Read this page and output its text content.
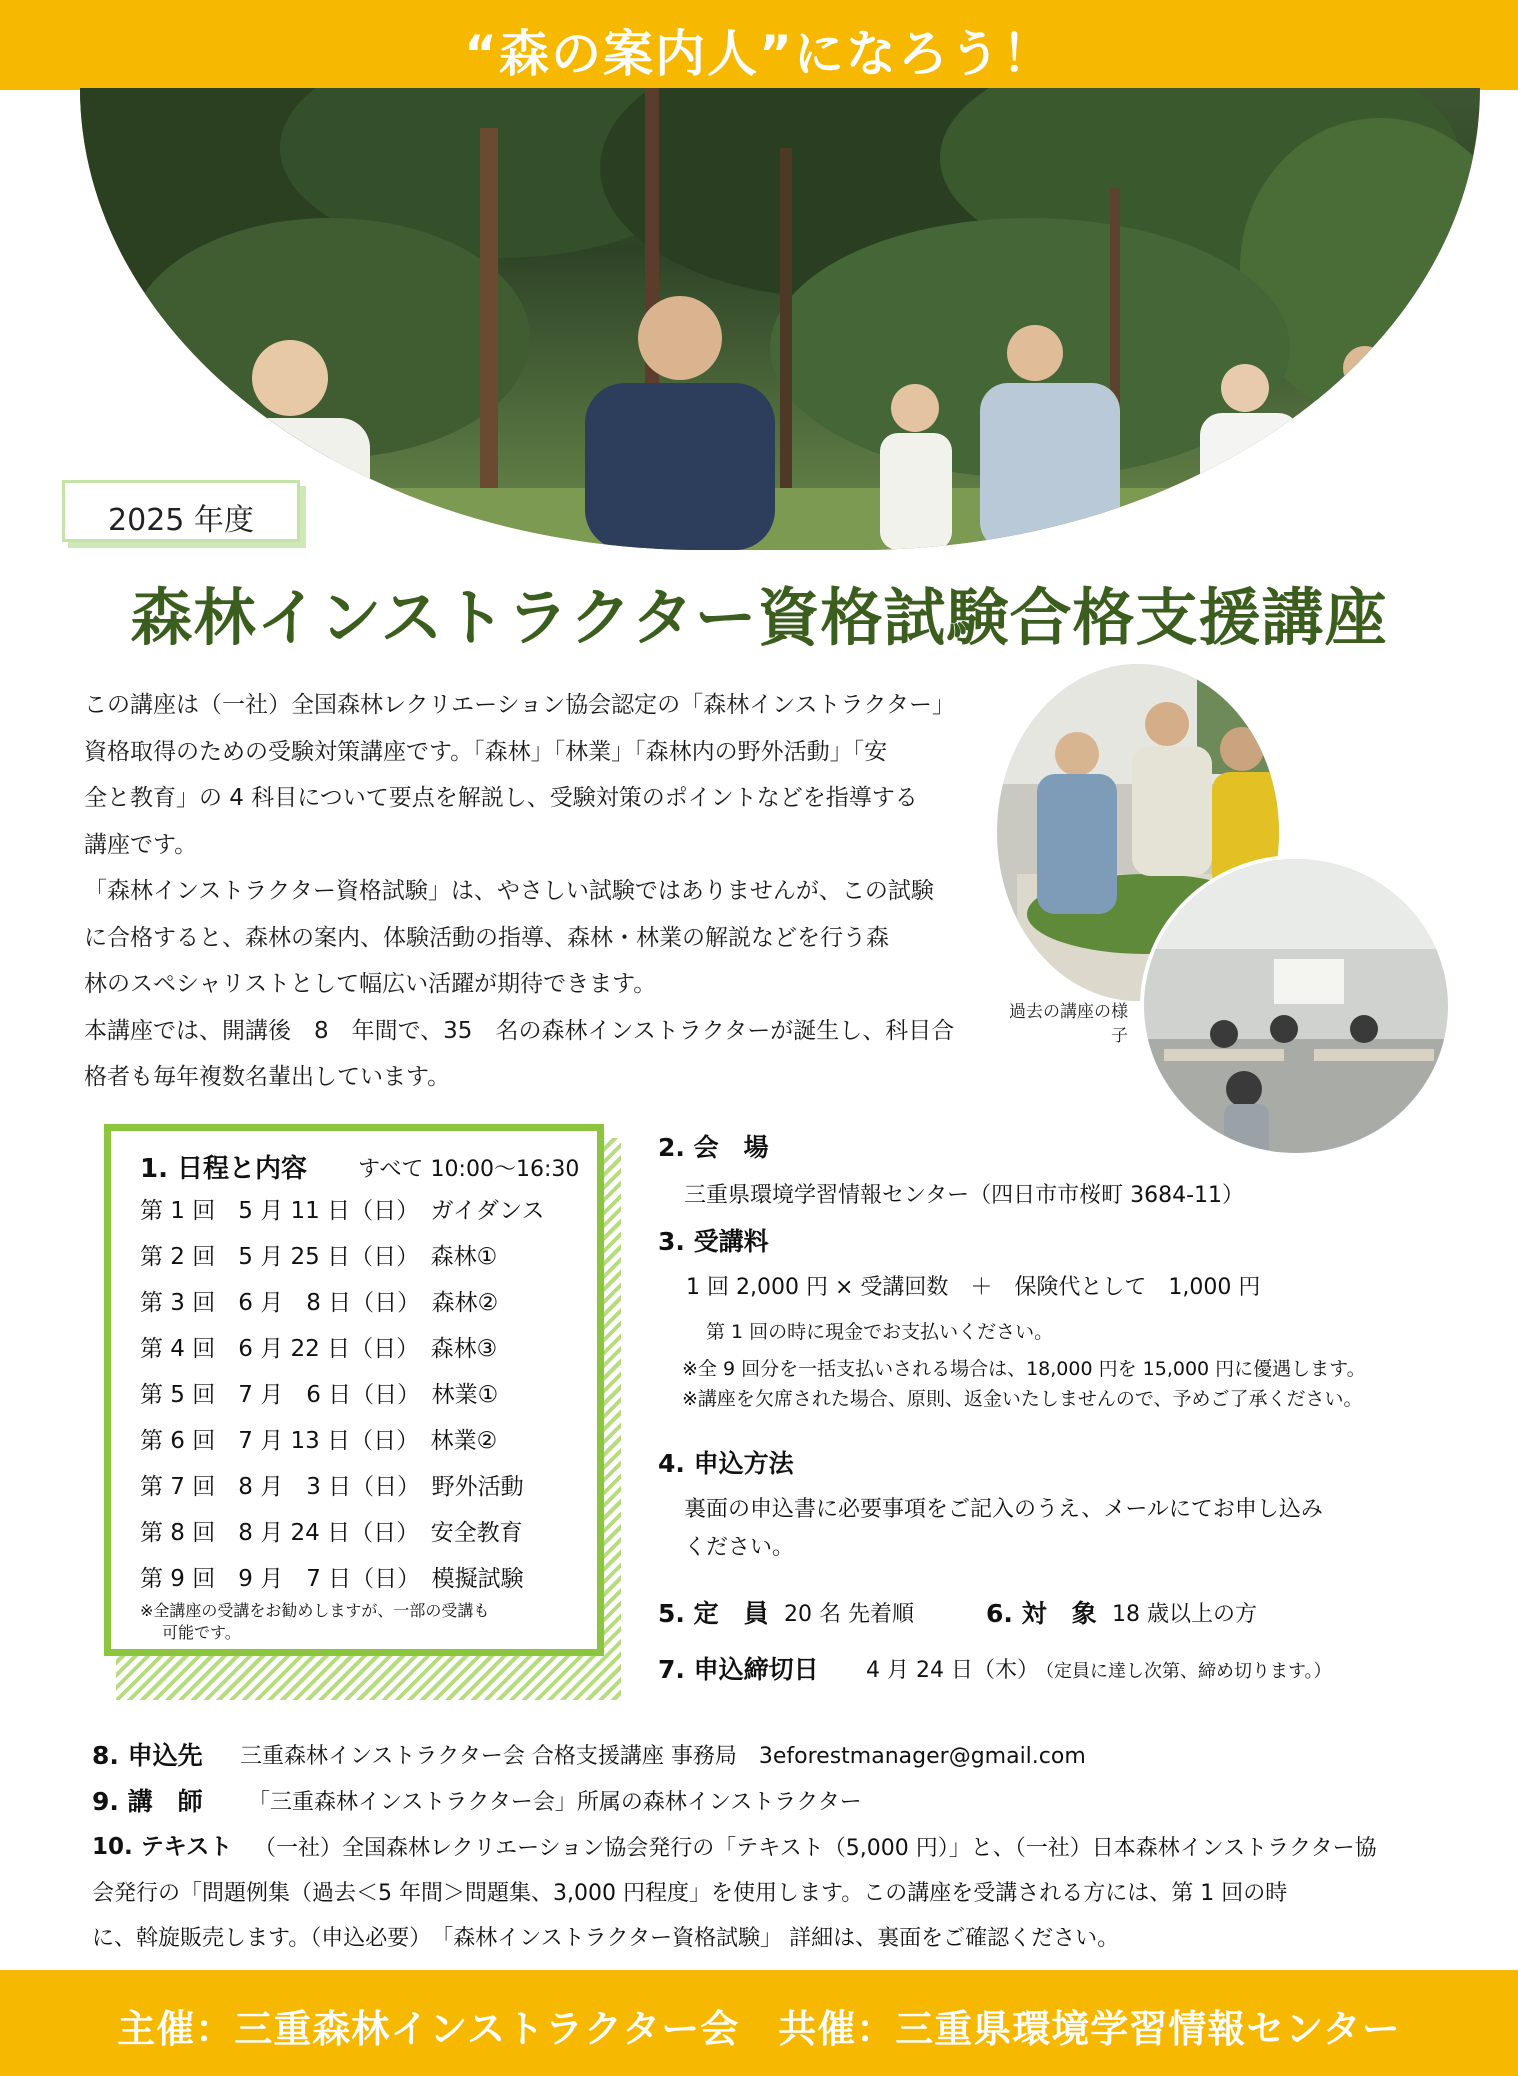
“森の案内人”になろう！
2025 年度
森林インストラクター資格試験合格支援講座

この講座は（一社）全国森林レクリエーション協会認定の「森林インストラクター」

資格取得のための受験対策講座です。「森林」「林業」「森林内の野外活動」「安

全と教育」の 4 科目について要点を解説し、受験対策のポイントなどを指導する

講座です。

「森林インストラクター資格試験」は、やさしい試験ではありませんが、この試験

に合格すると、森林の案内、体験活動の指導、森林・林業の解説などを行う森

林のスペシャリストとして幅広い活躍が期待できます。

本講座では、開講後　8　年間で、35　名の森林インストラクターが誕生し、科目合

格者も毎年複数名輩出しています。

過去の講座の様子
1. 日程と内容 すべて 10:00～16:30
第 1 回　5 月 11 日（日）　ガイダンス
第 2 回　5 月 25 日（日）　森林①
第 3 回　6 月　8 日（日）　森林②
第 4 回　6 月 22 日（日）　森林③
第 5 回　7 月　6 日（日）　林業①
第 6 回　7 月 13 日（日）　林業②
第 7 回　8 月　3 日（日）　野外活動
第 8 回　8 月 24 日（日）　安全教育
第 9 回　9 月　7 日（日）　模擬試験
※全講座の受講をお勧めしますが、一部の受講も
可能です。
2. 会　場
三重県環境学習情報センター（四日市市桜町 3684-11）
3. 受講料
1 回 2,000 円 × 受講回数　＋　保険代として　1,000 円
第 1 回の時に現金でお支払いください。
※全 9 回分を一括支払いされる場合は、18,000 円を 15,000 円に優遇します。
※講座を欠席された場合、原則、返金いたしませんので、予めご了承ください。
4. 申込方法
裏面の申込書に必要事項をご記入のうえ、メールにてお申し込み
ください。
5. 定　員 20 名 先着順	6. 対　象 18 歳以上の方
7. 申込締切日 4 月 24 日（木）
（定員に達し次第、締め切ります。）
8. 申込先 三重森林インストラクター会 合格支援講座 事務局　3eforestmanager@gmail.com
9. 講　師 「三重森林インストラクター会」所属の森林インストラクター
10. テキスト （一社）全国森林レクリエーション協会発行の「テキスト（5,000 円）」と、（一社）日本森林インストラクター協
会発行の「問題例集（過去＜5 年間＞問題集、3,000 円程度」を使用します。この講座を受講される方には、第 1 回の時
に、斡旋販売します。（申込必要）　「森林インストラクター資格試験」 詳細は、裏面をご確認ください。
主催：三重森林インストラクター会　共催：三重県環境学習情報センター
